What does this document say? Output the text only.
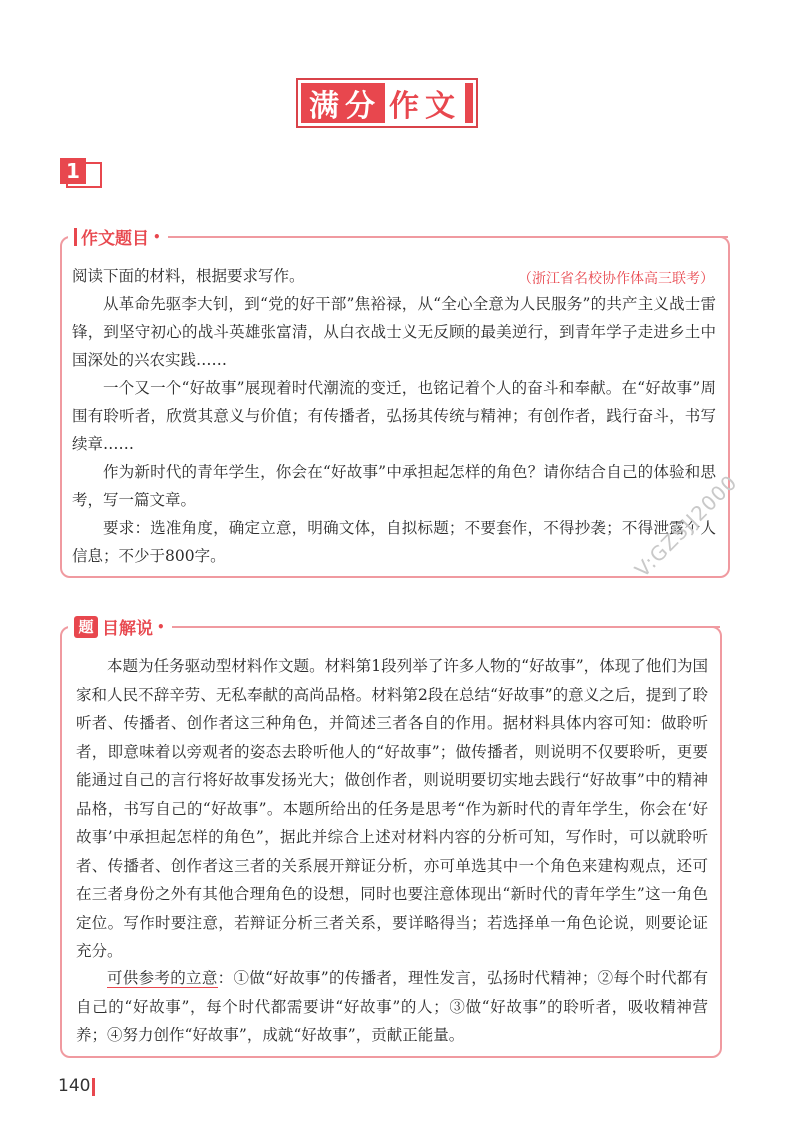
满分 作文
1
作文题目 •
阅读下面的材料，根据要求写作。	（浙江省名校协作体高三联考）
从革命先驱李大钊，到“党的好干部”焦裕禄，从“全心全意为人民服务”的共产主义战士雷锋，到坚守初心的战斗英雄张富清，从白衣战士义无反顾的最美逆行，到青年学子走进乡土中国深处的兴农实践……
一个又一个“好故事”展现着时代潮流的变迁，也铭记着个人的奋斗和奉献。在“好故事”周围有聆听者，欣赏其意义与价值；有传播者，弘扬其传统与精神；有创作者，践行奋斗，书写续章……
作为新时代的青年学生，你会在“好故事”中承担起怎样的角色？请你结合自己的体验和思考，写一篇文章。
要求：选准角度，确定立意，明确文体，自拟标题；不要套作，不得抄袭；不得泄露个人信息；不少于800字。
题 目解说 •
本题为任务驱动型材料作文题。材料第1段列举了许多人物的“好故事”，体现了他们为国家和人民不辞辛劳、无私奉献的高尚品格。材料第2段在总结“好故事”的意义之后，提到了聆听者、传播者、创作者这三种角色，并简述三者各自的作用。据材料具体内容可知：做聆听者，即意味着以旁观者的姿态去聆听他人的“好故事”；做传播者，则说明不仅要聆听，更要能通过自己的言行将好故事发扬光大；做创作者，则说明要切实地去践行“好故事”中的精神品格，书写自己的“好故事”。本题所给出的任务是思考“作为新时代的青年学生，你会在‘好故事’中承担起怎样的角色”，据此并综合上述对材料内容的分析可知，写作时，可以就聆听者、传播者、创作者这三者的关系展开辩证分析，亦可单选其中一个角色来建构观点，还可在三者身份之外有其他合理角色的设想，同时也要注意体现出“新时代的青年学生”这一角色定位。写作时要注意，若辩证分析三者关系，要详略得当；若选择单一角色论说，则要论证充分。
可供参考的立意：①做“好故事”的传播者，理性发言，弘扬时代精神；②每个时代都有自己的“好故事”，每个时代都需要讲“好故事”的人；③做“好故事”的聆听者，吸收精神营养；④努力创作“好故事”，成就“好故事”，贡献正能量。
V:GZSJJ2000
140
